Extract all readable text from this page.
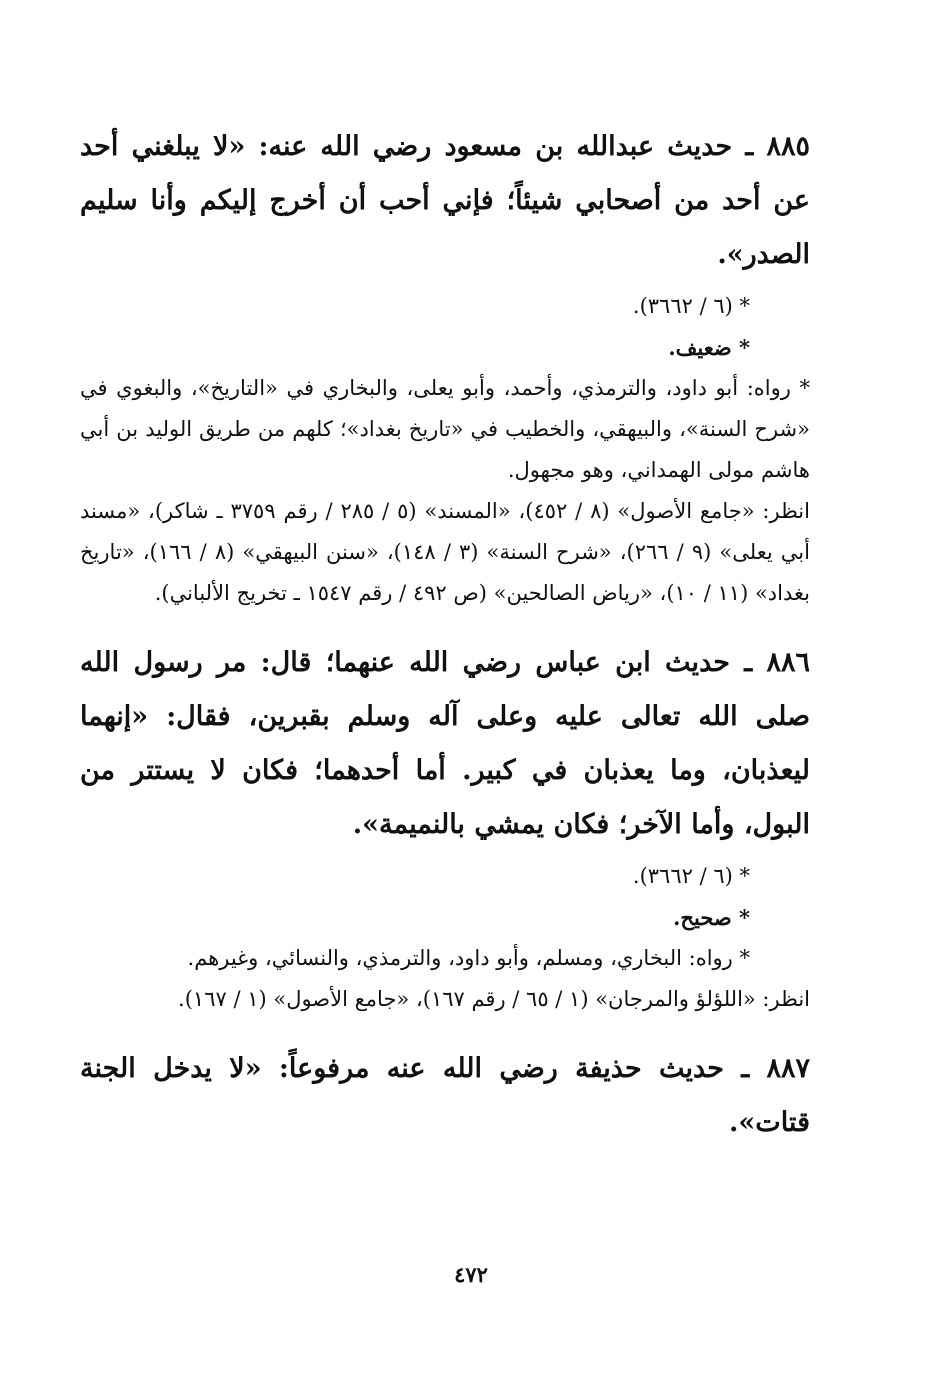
٨٨٥ ـ حديث عبدالله بن مسعود رضي الله عنه: «لا يبلغني أحد عن أحد من أصحابي شيئاً؛ فإني أحب أن أخرج إليكم وأنا سليم الصدر».

* (٦ / ٣٦٦٢).

* ضعيف.

* رواه: أبو داود، والترمذي، وأحمد، وأبو يعلى، والبخاري في «التاريخ»، والبغوي في «شرح السنة»، والبيهقي، والخطيب في «تاريخ بغداد»؛ كلهم من طريق الوليد بن أبي هاشم مولى الهمداني، وهو مجهول.

انظر: «جامع الأصول» (٨ / ٤٥٢)، «المسند» (٥ / ٢٨٥ / رقم ٣٧٥٩ ـ شاكر)، «مسند أبي يعلى» (٩ / ٢٦٦)، «شرح السنة» (٣ / ١٤٨)، «سنن البيهقي» (٨ / ١٦٦)، «تاريخ بغداد» (١١ / ١٠)، «رياض الصالحين» (ص ٤٩٢ / رقم ١٥٤٧ ـ تخريج الألباني).

٨٨٦ ـ حديث ابن عباس رضي الله عنهما؛ قال: مر رسول الله صلى الله تعالى عليه وعلى آله وسلم بقبرين، فقال: «إنهما ليعذبان، وما يعذبان في كبير. أما أحدهما؛ فكان لا يستتر من البول، وأما الآخر؛ فكان يمشي بالنميمة».

* (٦ / ٣٦٦٢).

* صحيح.

* رواه: البخاري، ومسلم، وأبو داود، والترمذي، والنسائي، وغيرهم.

انظر: «اللؤلؤ والمرجان» (١ / ٦٥ / رقم ١٦٧)، «جامع الأصول» (١ / ١٦٧).

٨٨٧ ـ حديث حذيفة رضي الله عنه مرفوعاً: «لا يدخل الجنة قتات».

٤٧٢
